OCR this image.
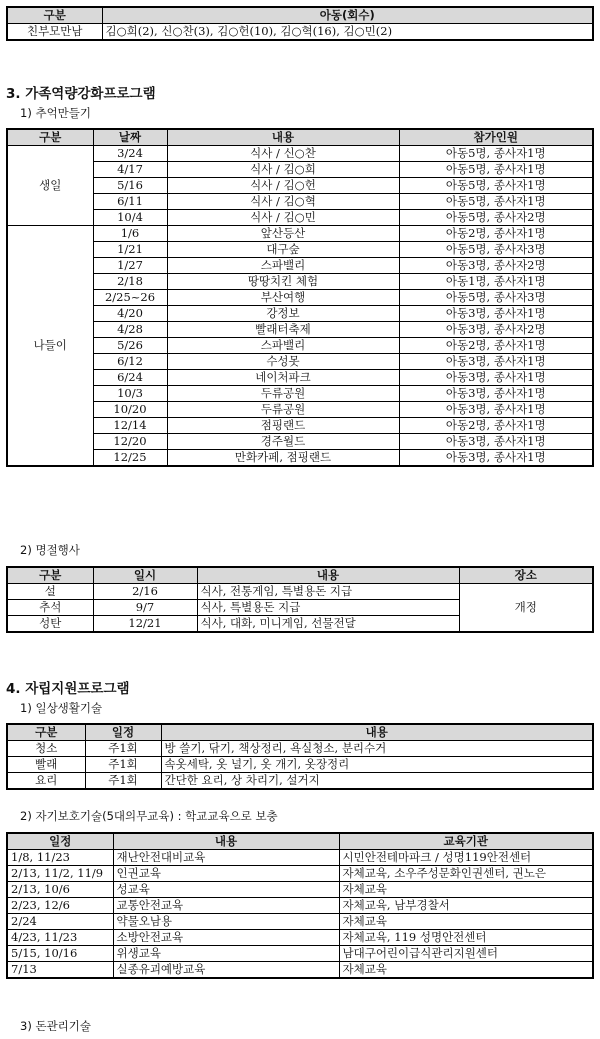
구분	아동(회수)
친부모만남	김○희(2), 신○찬(3), 김○헌(10), 김○혁(16), 김○민(2)
3. 가족역량강화프로그램
1) 추억만들기
구분	날짜	내용	참가인원
생일	3/24	식사 / 신○찬	아동5명, 종사자1명
	4/17	식사 / 김○희	아동5명, 종사자1명
	5/16	식사 / 김○헌	아동5명, 종사자1명
	6/11	식사 / 김○혁	아동5명, 종사자1명
	10/4	식사 / 김○민	아동5명, 종사자2명
나들이	1/6	앞산등산	아동2명, 종사자1명
	1/21	대구숲	아동5명, 종사자3명
	1/27	스파밸리	아동3명, 종사자2명
	2/18	땅땅치킨 체험	아동1명, 종사자1명
	2/25~26	부산여행	아동5명, 종사자3명
	4/20	강정보	아동3명, 종사자1명
	4/28	빨래터축제	아동3명, 종사자2명
	5/26	스파밸리	아동2명, 종사자1명
	6/12	수성못	아동3명, 종사자1명
	6/24	네이처파크	아동3명, 종사자1명
	10/3	두류공원	아동3명, 종사자1명
	10/20	두류공원	아동3명, 종사자1명
	12/14	점핑랜드	아동2명, 종사자1명
	12/20	경주월드	아동3명, 종사자1명
	12/25	만화카페, 점핑랜드	아동3명, 종사자1명
2) 명절행사
구분	일시	내용	장소
설	2/16	식사, 전통게임, 특별용돈 지급	개정
추석	9/7	식사, 특별용돈 지급	
성탄	12/21	식사, 대화, 미니게임, 선물전달	
4. 자립지원프로그램
1) 일상생활기술
구분	일정	내용
청소	주1회	방 쓸기, 닦기, 책상정리, 욕실청소, 분리수거
빨래	주1회	속옷세탁, 옷 널기, 옷 개기, 옷장정리
요리	주1회	간단한 요리, 상 차리기, 설거지
2) 자기보호기술(5대의무교육) : 학교교육으로 보충
일정	내용	교육기관
1/8, 11/23	재난안전대비교육	시민안전테마파크 / 성명119안전센터
2/13, 11/2, 11/9	인권교육	자체교육, 소우주성문화인권센터, 권노은
2/13, 10/6	성교육	자체교육
2/23, 12/6	교통안전교육	자체교육, 남부경찰서
2/24	약물오남용	자체교육
4/23, 11/23	소방안전교육	자체교육, 119 성명안전센터
5/15, 10/16	위생교육	남대구어린이급식관리지원센터
7/13	실종유괴예방교육	자체교육
3) 돈관리기술
